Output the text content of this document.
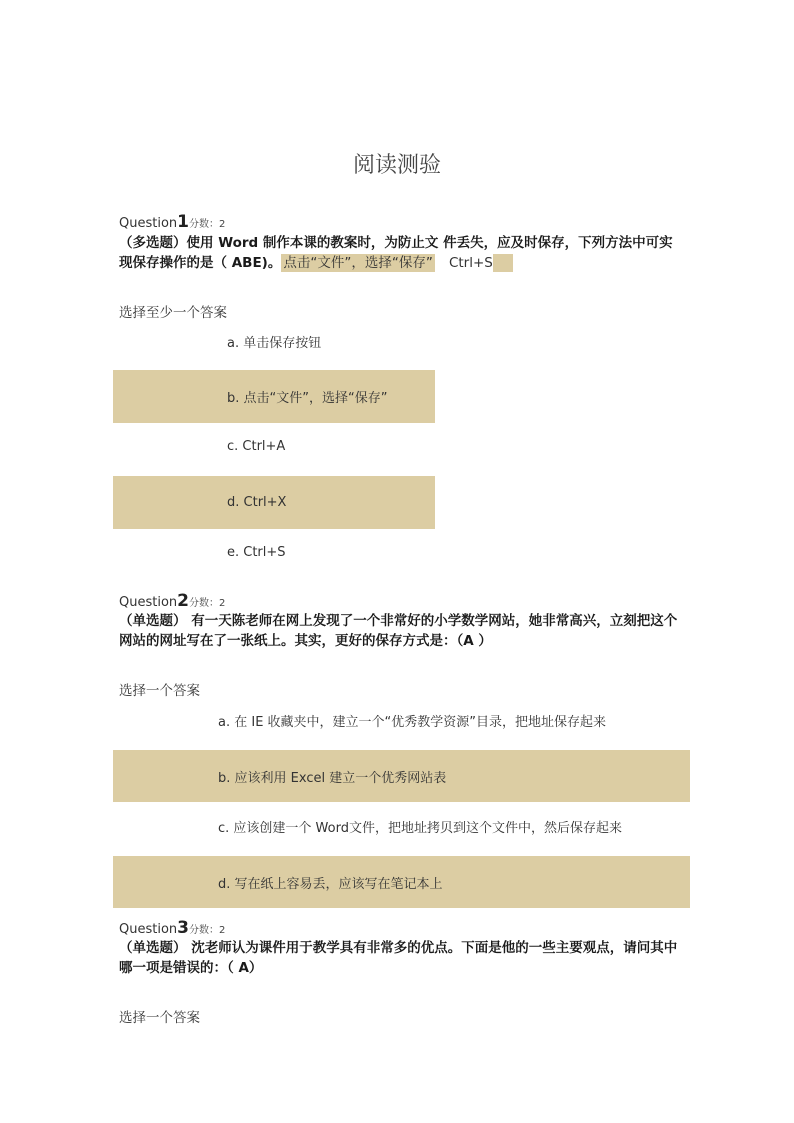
阅读测验
Question1分数：2
（多选题）使用 Word 制作本课的教案时，为防止文 件丢失，应及时保存，下列方法中可实现保存操作的是（ ABE)。 点击“文件”，选择“保存” Ctrl+S
选择至少一个答案
a. 单击保存按钮
b. 点击“文件”，选择“保存”
c. Ctrl+A
d. Ctrl+X
e. Ctrl+S
Question2分数：2
（单选题） 有一天陈老师在网上发现了一个非常好的小学数学网站，她非常高兴，立刻把这个网站的网址写在了一张纸上。其实，更好的保存方式是：（A ）
选择一个答案
a. 在 IE 收藏夹中，建立一个“优秀教学资源”目录，把地址保存起来
b. 应该利用 Excel 建立一个优秀网站表
c. 应该创建一个 Word文件，把地址拷贝到这个文件中，然后保存起来
d. 写在纸上容易丢，应该写在笔记本上
Question3分数：2
（单选题） 沈老师认为课件用于教学具有非常多的优点。下面是他的一些主要观点，请问其中哪一项是错误的：（ A）
选择一个答案
